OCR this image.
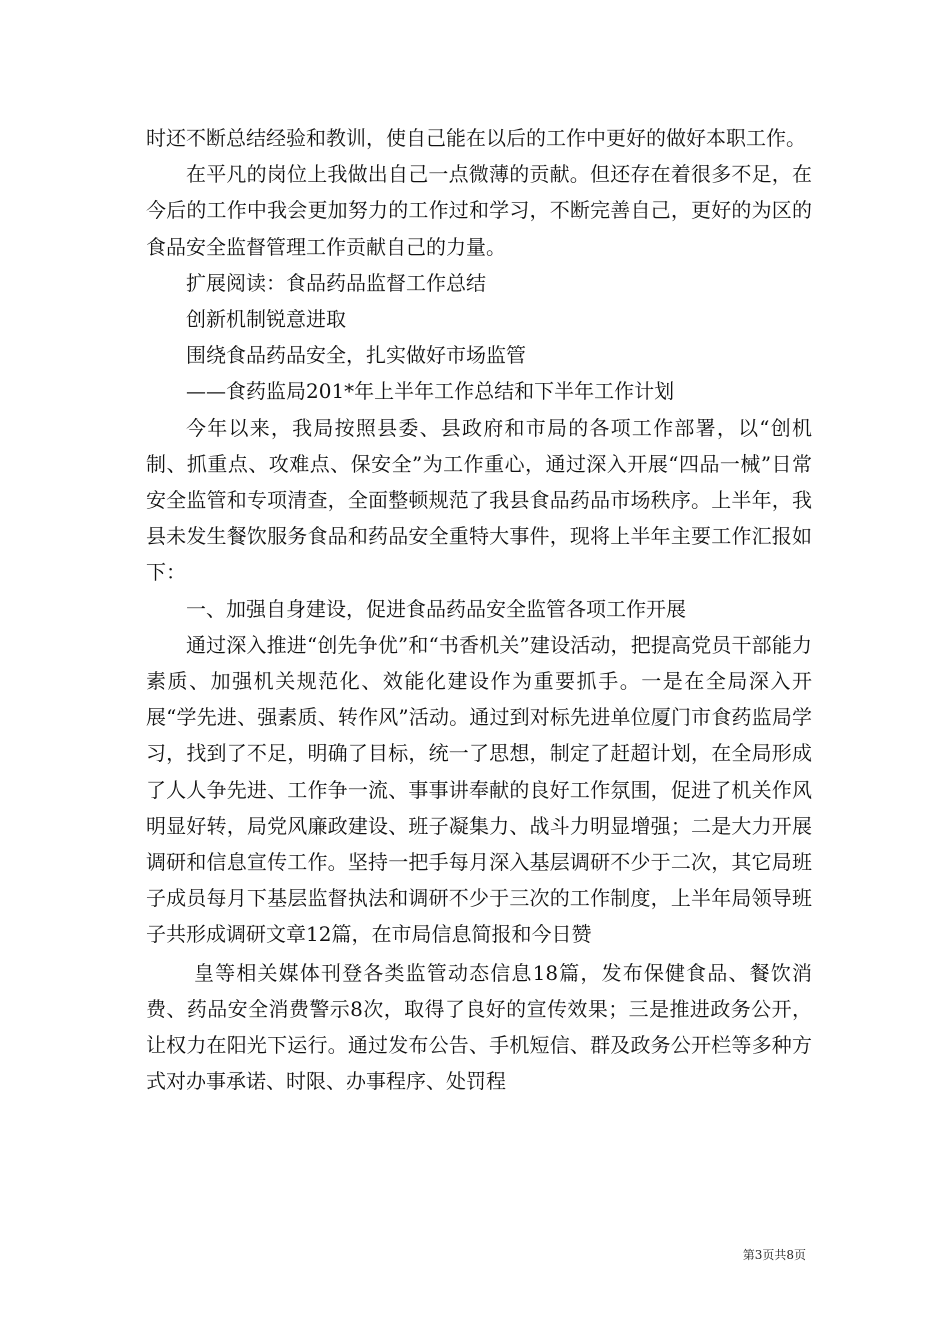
时还不断总结经验和教训，使自己能在以后的工作中更好的做好本职工作。

在平凡的岗位上我做出自己一点微薄的贡献。但还存在着很多不足，在今后的工作中我会更加努力的工作过和学习，不断完善自己，更好的为区的食品安全监督管理工作贡献自己的力量。

扩展阅读：食品药品监督工作总结

创新机制锐意进取

围绕食品药品安全，扎实做好市场监管

——食药监局201*年上半年工作总结和下半年工作计划

今年以来，我局按照县委、县政府和市局的各项工作部署，以“创机制、抓重点、攻难点、保安全”为工作重心，通过深入开展“四品一械”日常安全监管和专项清查，全面整顿规范了我县食品药品市场秩序。上半年，我县未发生餐饮服务食品和药品安全重特大事件，现将上半年主要工作汇报如下：

一、加强自身建设，促进食品药品安全监管各项工作开展

通过深入推进“创先争优”和“书香机关”建设活动，把提高党员干部能力素质、加强机关规范化、效能化建设作为重要抓手。一是在全局深入开展“学先进、强素质、转作风”活动。通过到对标先进单位厦门市食药监局学习，找到了不足，明确了目标，统一了思想，制定了赶超计划，在全局形成了人人争先进、工作争一流、事事讲奉献的良好工作氛围，促进了机关作风明显好转，局党风廉政建设、班子凝集力、战斗力明显增强；二是大力开展调研和信息宣传工作。坚持一把手每月深入基层调研不少于二次，其它局班子成员每月下基层监督执法和调研不少于三次的工作制度，上半年局领导班子共形成调研文章12篇，在市局信息简报和今日赞

皇等相关媒体刊登各类监管动态信息18篇，发布保健食品、餐饮消费、药品安全消费警示8次，取得了良好的宣传效果；三是推进政务公开，让权力在阳光下运行。通过发布公告、手机短信、群及政务公开栏等多种方式对办事承诺、时限、办事程序、处罚程

第3页共8页
